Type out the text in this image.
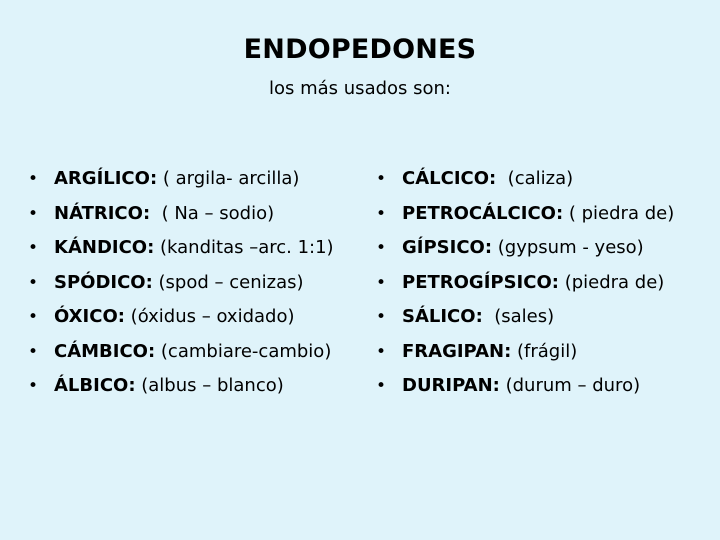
ENDOPEDONES

los más usados son:

• ARGÍLICO: ( argila- arcilla)
• NÁTRICO: ( Na – sodio)
• KÁNDICO: (kanditas –arc. 1:1)
• SPÓDICO: (spod – cenizas)
• ÓXICO: (óxidus – oxidado)
• CÁMBICO: (cambiare-cambio)
• ÁLBICO: (albus – blanco)
• CÁLCICO: (caliza)
• PETROCÁLCICO: ( piedra de)
• GÍPSICO: (gypsum - yeso)
• PETROGÍPSICO: (piedra de)
• SÁLICO: (sales)
• FRAGIPAN: (frágil)
• DURIPAN: (durum – duro)
